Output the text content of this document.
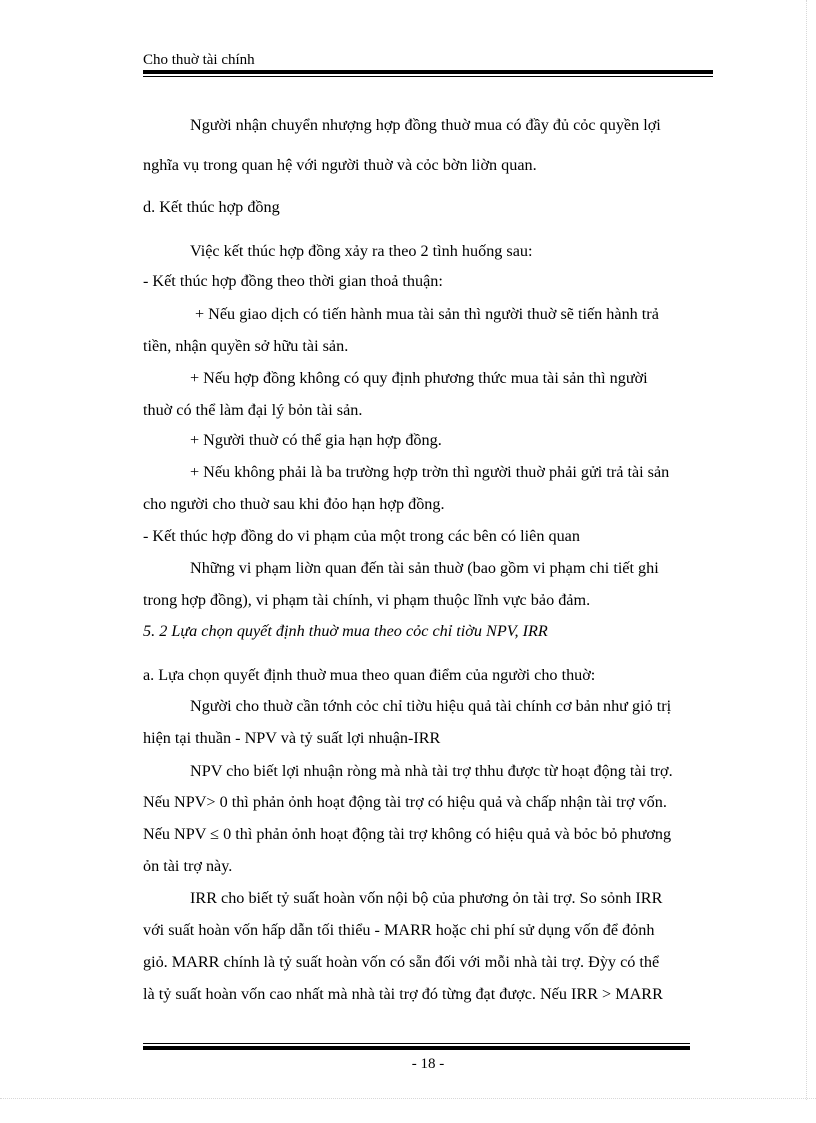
Cho thuờ tài chính
Người nhận chuyển nhượng hợp đồng thuờ mua có đầy đủ cỏc quyền lợi
nghĩa vụ trong quan hệ với người thuờ và cỏc bờn liờn quan.
d. Kết thúc hợp đồng
Việc kết thúc hợp đồng xảy ra theo 2 tình huống sau:
- Kết thúc hợp đồng theo thời gian thoả thuận:
+ Nếu giao dịch có tiến hành mua tài sản thì người thuờ sẽ tiến hành trả
tiền, nhận quyền sở hữu tài sản.
+ Nếu hợp đồng không có quy định phương thức mua tài sản thì người
thuờ có thể làm đại lý bỏn tài sản.
+ Người thuờ có thể gia hạn hợp đồng.
+ Nếu không phải là ba trường hợp trờn thì người thuờ phải gửi trả tài sản
cho người cho thuờ sau khi đỏo hạn hợp đồng.
- Kết thúc hợp đồng do vi phạm của một trong các bên có liên quan
Những vi phạm liờn quan đến tài sản thuờ (bao gồm vi phạm chi tiết ghi
trong hợp đồng), vi phạm tài chính, vi phạm thuộc lĩnh vực bảo đảm.
5. 2 Lựa chọn quyết định thuờ mua theo cỏc chỉ tiờu NPV, IRR
a. Lựa chọn quyết định thuờ mua theo quan điểm của người cho thuờ:
Người cho thuờ cần tớnh cỏc chỉ tiờu hiệu quả tài chính cơ bản như giỏ trị
hiện tại thuần - NPV và tỷ suất lợi nhuận-IRR
NPV cho biết lợi nhuận ròng mà nhà tài trợ thhu được từ hoạt động tài trợ.
Nếu NPV> 0 thì phản ỏnh hoạt động tài trợ có hiệu quả và chấp nhận tài trợ vốn.
Nếu NPV ≤ 0 thì phản ỏnh hoạt động tài trợ không có hiệu quả và bỏc bỏ phương
ỏn tài trợ này.
IRR cho biết tỷ suất hoàn vốn nội bộ của phương ỏn tài trợ. So sỏnh IRR
với suất hoàn vốn hấp dẫn tối thiểu - MARR hoặc chi phí sử dụng vốn để đỏnh
giỏ. MARR chính là tỷ suất hoàn vốn có sẵn đối với mỗi nhà tài trợ. Đỳy có thể
là tỷ suất hoàn vốn cao nhất mà nhà tài trợ đó từng đạt được. Nếu IRR > MARR
- 18 -
